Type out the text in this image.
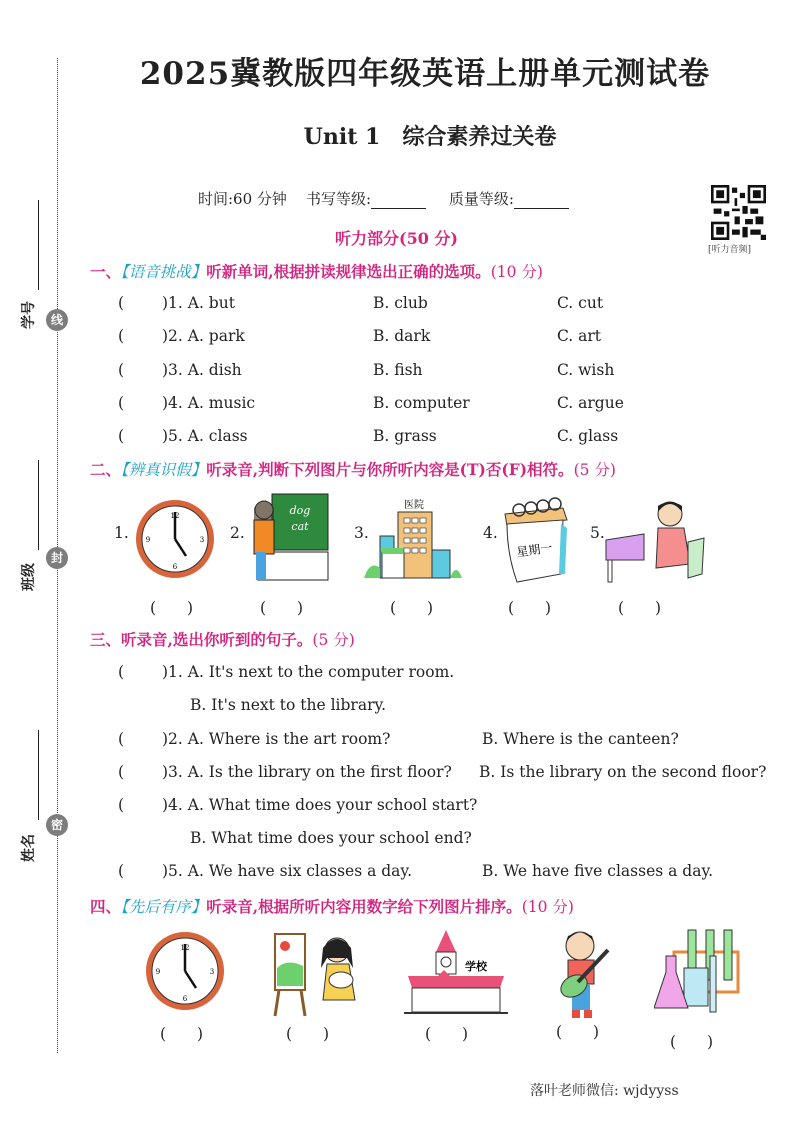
线
封
密
学号
班级
姓名
2025冀教版四年级英语上册单元测试卷
Unit 1　综合素养过关卷
时间:60 分钟 书写等级:	质量等级:
[听力音频]
听力部分(50 分)
一、【语音挑战】听新单词,根据拼读规律选出正确的选项。(10 分)
( )1. A. but	B. club	C. cut
( )2. A. park	B. dark	C. art
( )3. A. dish	B. fish	C. wish
( )4. A. music	B. computer	C. argue
( )5. A. class	B. grass	C. glass
二、【辨真识假】听录音,判断下列图片与你所听内容是(T)否(F)相符。(5 分)
1.	2.	3.	4.	5.
12
3
6
9
dog
cat
医院
星期一
(　　)	(　　)	(　　)	(　　)	(　　)
三、听录音,选出你听到的句子。(5 分)
(
(
(
(
(
)1. A. It's next to the computer room.
B. It's next to the library.
)2. A. Where is the art room?	B. Where is the canteen?
)3. A. Is the library on the first floor? B. Is the library on the second floor?
)4. A. What time does your school start?
B. What time does your school end?
)5. A. We have six classes a day.	B. We have five classes a day.
四、【先后有序】听录音,根据所听内容用数字给下列图片排序。(10 分)
12
3
6
9	学校
(　　)	(　　)	(　　)	(　　)
(　　)
落叶老师微信: wjdyyss
